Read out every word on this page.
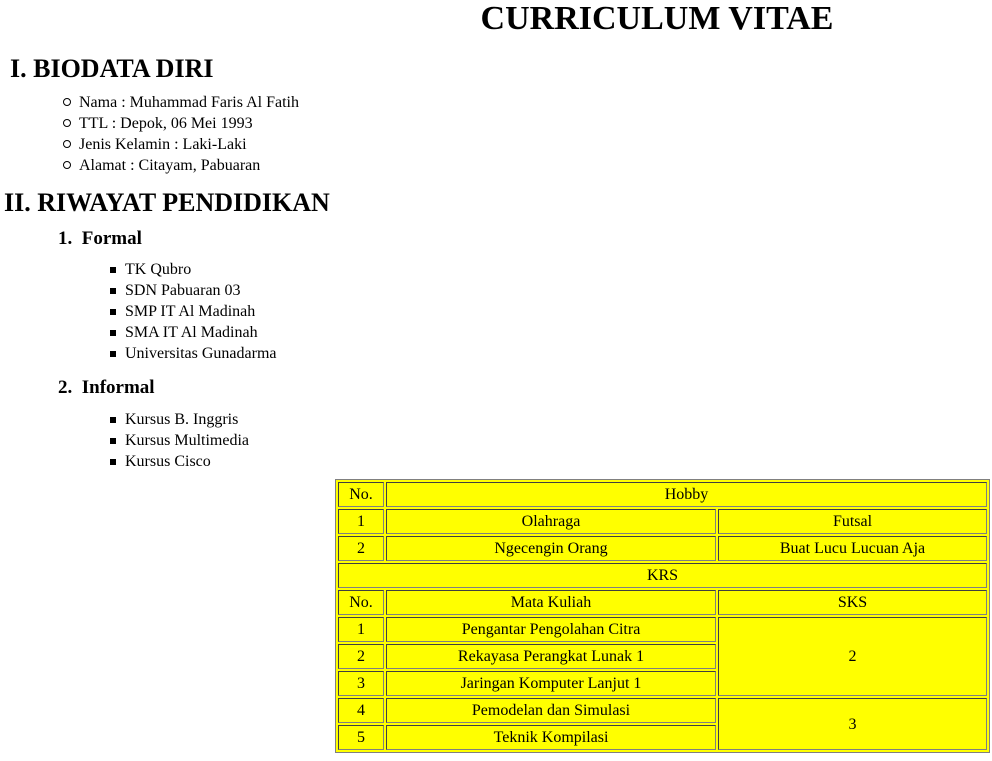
CURRICULUM VITAE
I. BIODATA DIRI
Nama : Muhammad Faris Al Fatih
TTL : Depok, 06 Mei 1993
Jenis Kelamin : Laki-Laki
Alamat : Citayam, Pabuaran
II. RIWAYAT PENDIDIKAN
1.  Formal
TK Qubro
SDN Pabuaran 03
SMP IT Al Madinah
SMA IT Al Madinah
Universitas Gunadarma
2.  Informal
Kursus B. Inggris
Kursus Multimedia
Kursus Cisco
No.	Hobby	
1	Olahraga	Futsal
2	Ngecengin Orang	Buat Lucu Lucuan Aja
KRS		
No.	Mata Kuliah	SKS
1	Pengantar Pengolahan Citra	2
2	Rekayasa Perangkat Lunak 1	
3	Jaringan Komputer Lanjut 1	
4	Pemodelan dan Simulasi	3
5	Teknik Kompilasi	
